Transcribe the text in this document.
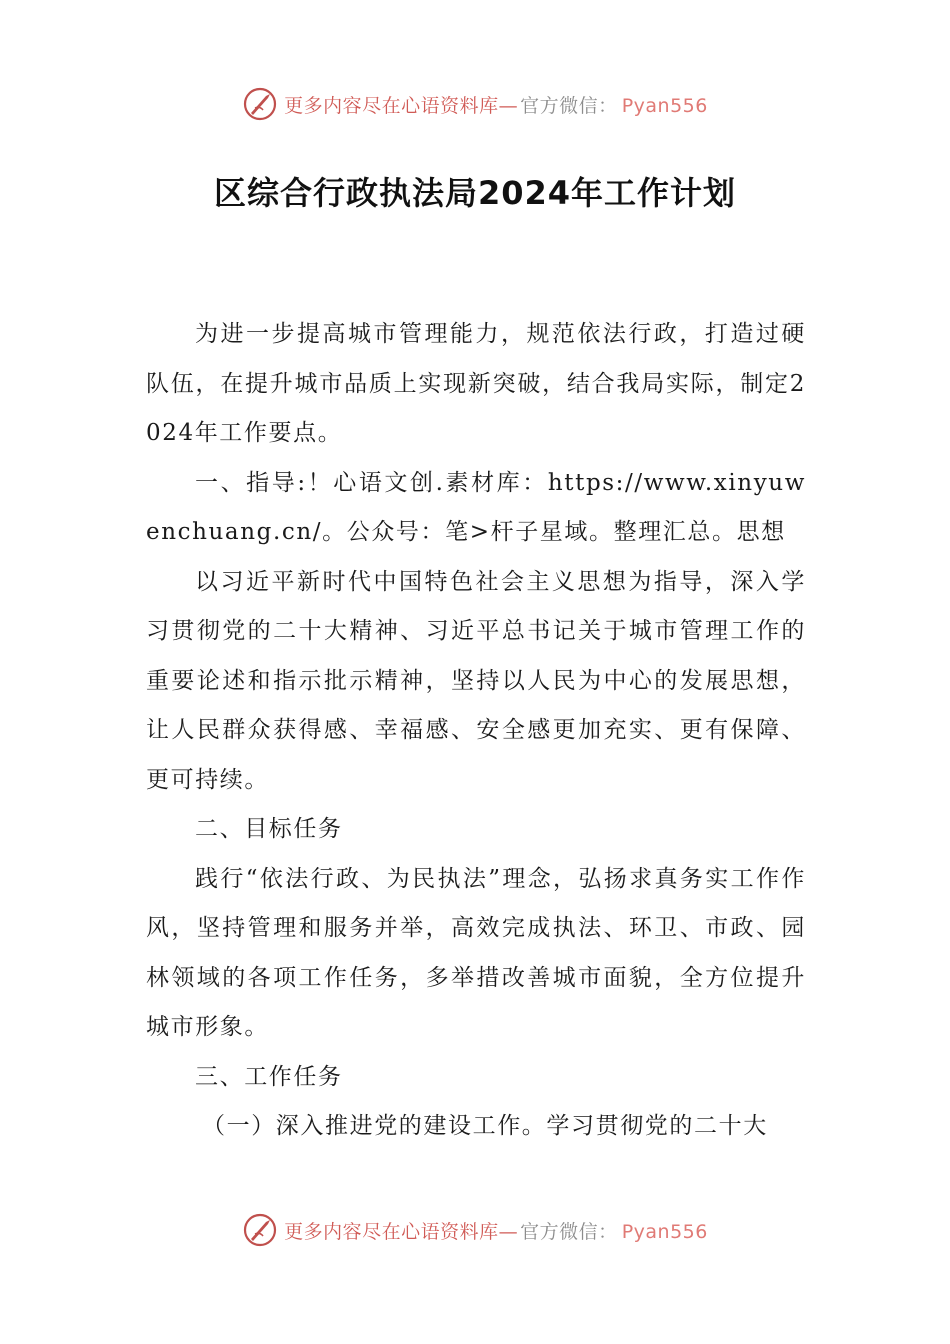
更多内容尽在心语资料库— 官方微信： Pyan556
区综合行政执法局2024年工作计划

为进一步提高城市管理能力，规范依法行政，打造过硬队伍，在提升城市品质上实现新突破，结合我局实际，制定2024年工作要点。

一、指导:！心语文创.素材库：https://www.xinyuwenchuang.cn/。公众号：笔>杆子星域。整理汇总。思想

以习近平新时代中国特色社会主义思想为指导，深入学习贯彻党的二十大精神、习近平总书记关于城市管理工作的重要论述和指示批示精神，坚持以人民为中心的发展思想，让人民群众获得感、幸福感、安全感更加充实、更有保障、更可持续。

二、目标任务

践行“依法行政、为民执法”理念，弘扬求真务实工作作风，坚持管理和服务并举，高效完成执法、环卫、市政、园林领域的各项工作任务，多举措改善城市面貌，全方位提升城市形象。

三、工作任务

（一）深入推进党的建设工作。学习贯彻党的二十大

更多内容尽在心语资料库— 官方微信： Pyan556
